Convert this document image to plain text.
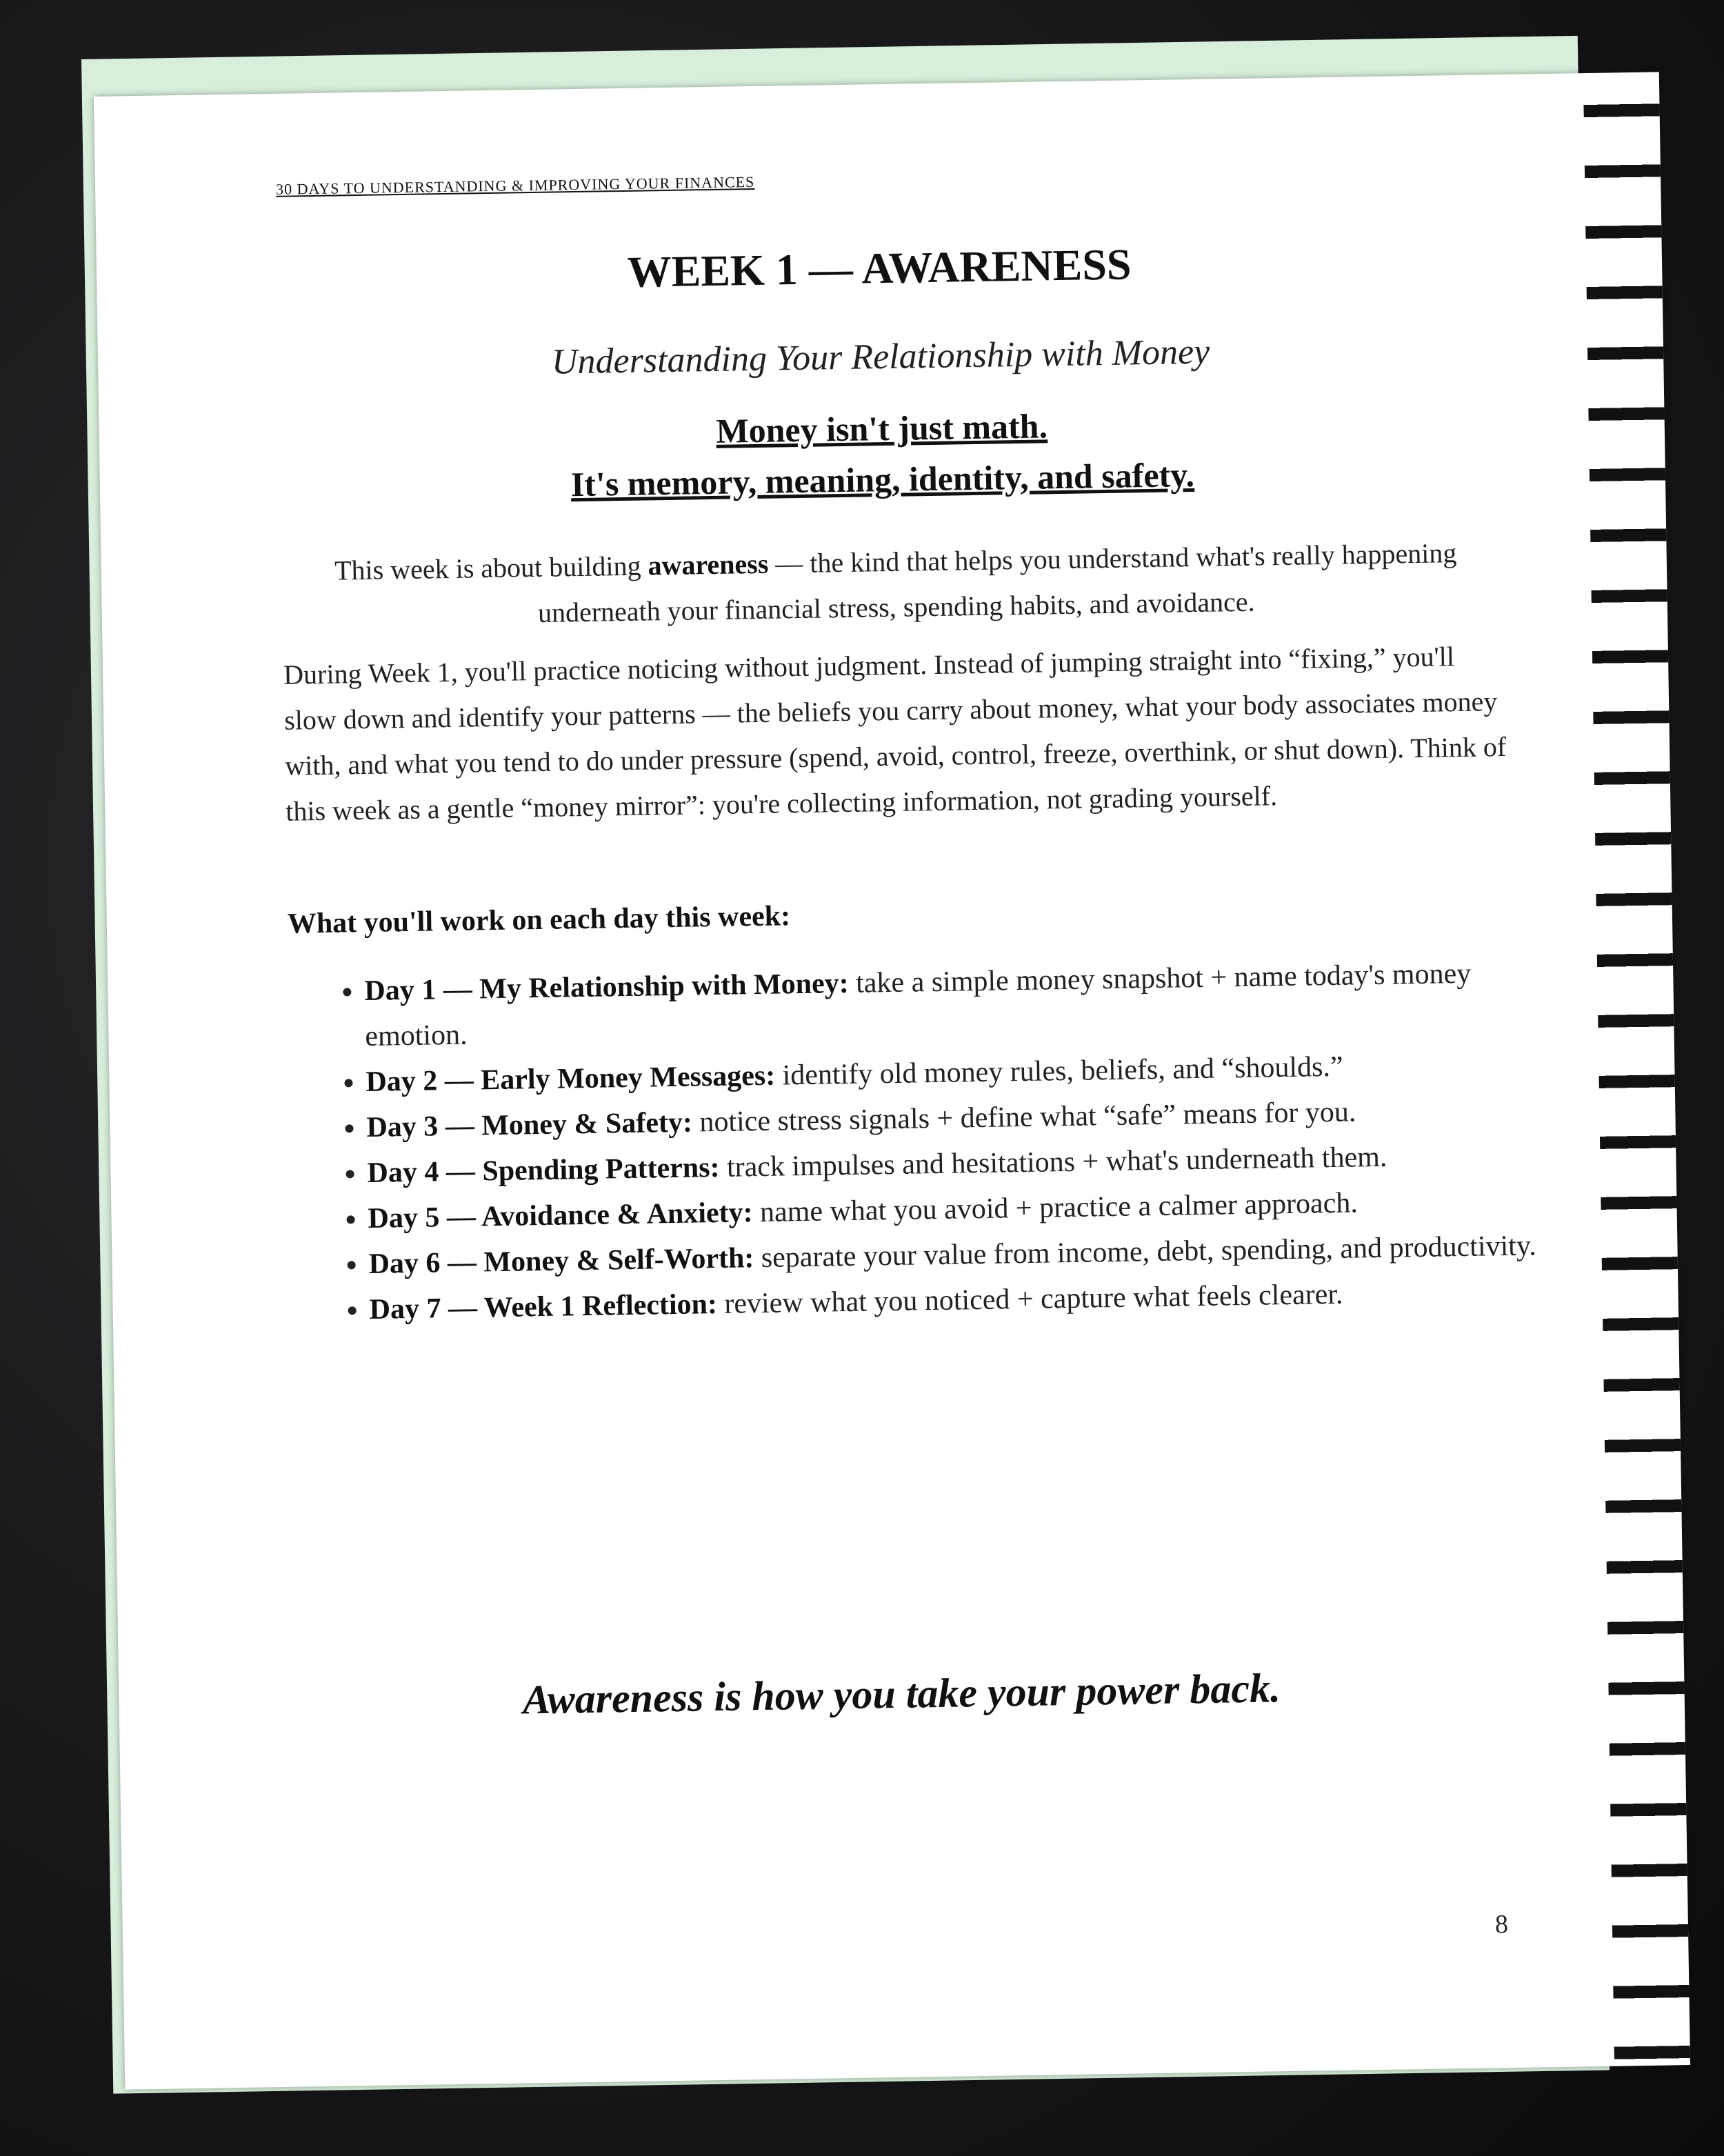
30 DAYS TO UNDERSTANDING & IMPROVING YOUR FINANCES
WEEK 1 — AWARENESS
Understanding Your Relationship with Money
Money isn't just math.
It's memory, meaning, identity, and safety.
This week is about building awareness — the kind that helps you understand what's really happening underneath your financial stress, spending habits, and avoidance.
During Week 1, you'll practice noticing without judgment. Instead of jumping straight into “fixing,” you'll slow down and identify your patterns — the beliefs you carry about money, what your body associates money with, and what you tend to do under pressure (spend, avoid, control, freeze, overthink, or shut down). Think of this week as a gentle “money mirror”: you're collecting information, not grading yourself.
What you'll work on each day this week:
• Day 1 — My Relationship with Money: take a simple money snapshot + name today's money emotion.
• Day 2 — Early Money Messages: identify old money rules, beliefs, and “shoulds.”
• Day 3 — Money & Safety: notice stress signals + define what “safe” means for you.
• Day 4 — Spending Patterns: track impulses and hesitations + what's underneath them.
• Day 5 — Avoidance & Anxiety: name what you avoid + practice a calmer approach.
• Day 6 — Money & Self-Worth: separate your value from income, debt, spending, and productivity.
• Day 7 — Week 1 Reflection: review what you noticed + capture what feels clearer.
Awareness is how you take your power back.
8
